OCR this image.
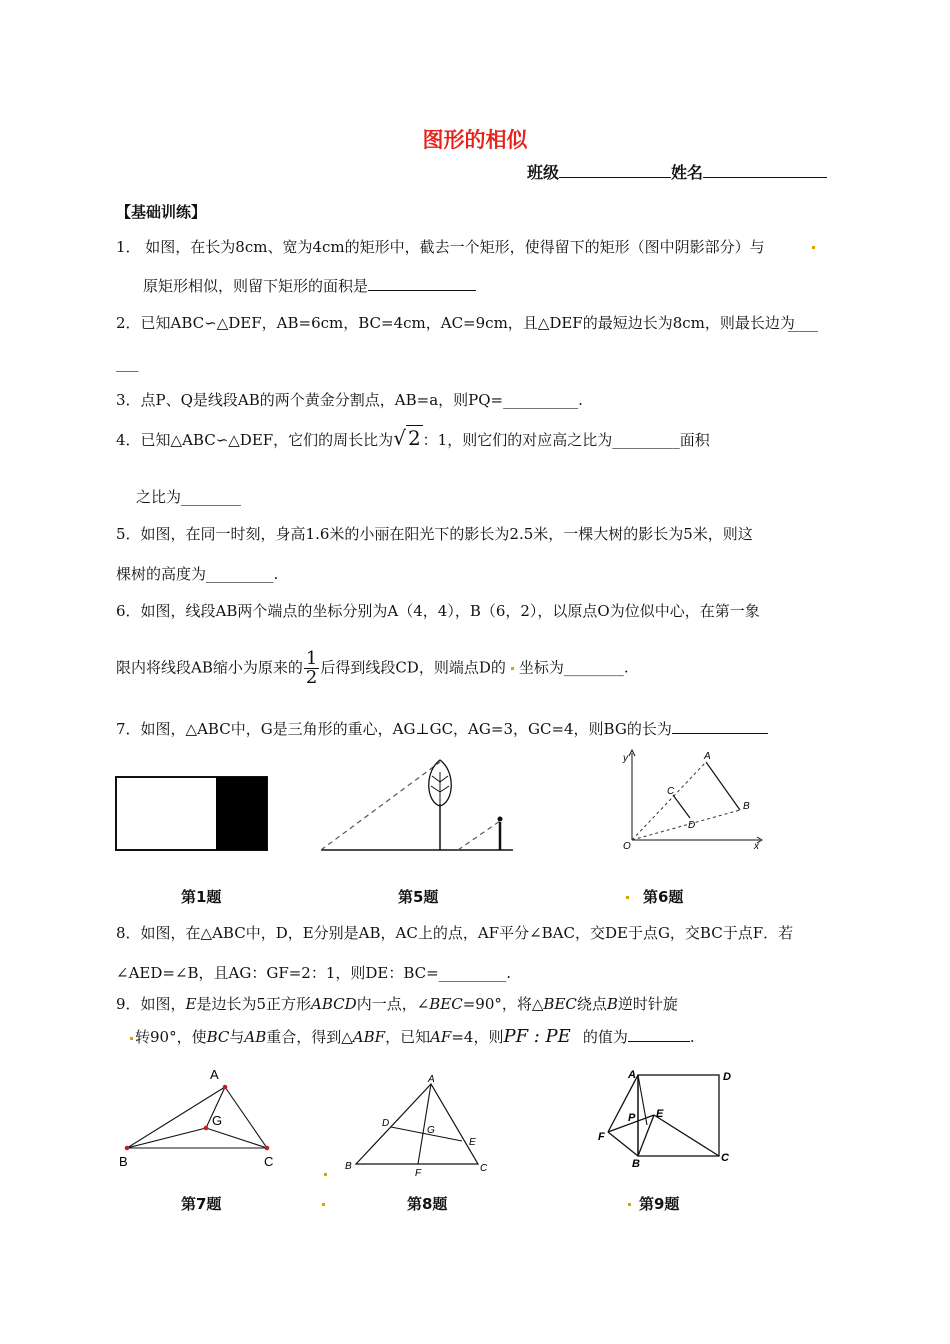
图形的相似
班级	姓名
【基础训练】
1． 如图，在长为8cm、宽为4cm的矩形中，截去一个矩形，使得留下的矩形（图中阴影部分）与
原矩形相似，则留下矩形的面积是
2．已知ABC∽△DEF，AB=6cm，BC=4cm，AC=9cm，且△DEF的最短边长为8cm，则最长边为
____
___
3．点P、Q是线段AB的两个黄金分割点，AB=a，则PQ=__________.
4．已知△ABC∽△DEF，它们的周长比为√ 2 ：1，则它们的对应高之比为_________面积
之比为________
5．如图，在同一时刻，身高1.6米的小丽在阳光下的影长为2.5米，一棵大树的影长为5米，则这
棵树的高度为_________.
6．如图，线段AB两个端点的坐标分别为A（4，4），B（6，2），以原点O为位似中心，在第一象
限内将线段AB缩小为原来的 $\frac{1}{2}$ 后得到线段CD，则端点D的 坐标为________.
7．如图，△ABC中，G是三角形的重心，AG⊥GC，AG=3，GC=4，则BG的长为
y
x
O
A
B
C
D
第1题	第5题	第6题
8．如图，在△ABC中，D，E分别是AB，AC上的点，AF平分∠BAC，交DE于点G，交BC于点F．若
∠AED=∠B，且AG：GF=2：1，则DE：BC=_________.
9．如图，E是边长为5正方形ABCD内一点，∠BEC=90°，将△BEC绕点B逆时针旋
转90°，使BC与AB重合，得到△ABF，已知AF=4，则PF : PE 的值为	.
A
B	C
G
A
B	C
D
E
F
G
A	D
B	C
E
F
P
第7题	第8题	第9题
